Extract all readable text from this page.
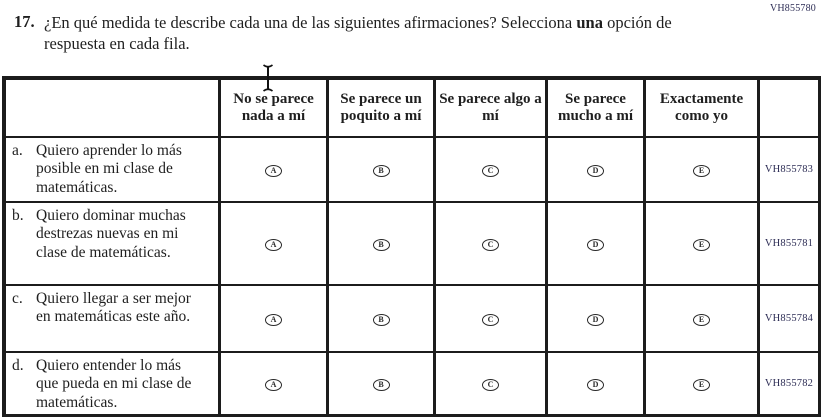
VH855780
17. ¿En qué medida te describe cada una de las siguientes afirmaciones? Selecciona una opción de respuesta en cada fila.
	No se parece nada a mí	Se parece un poquito a mí	Se parece algo a mí	Se parece mucho a mí	Exactamente como yo	

a. Quiero aprender lo más posible en mi clase de matemáticas.	A	B	C	D	E	VH855783

b. Quiero dominar muchas destrezas nuevas en mi clase de matemáticas.	A	B	C	D	E	VH855781

c. Quiero llegar a ser mejor en matemáticas este año.	A	B	C	D	E	VH855784

d. Quiero entender lo más que pueda en mi clase de matemáticas.	A	B	C	D	E	VH855782
